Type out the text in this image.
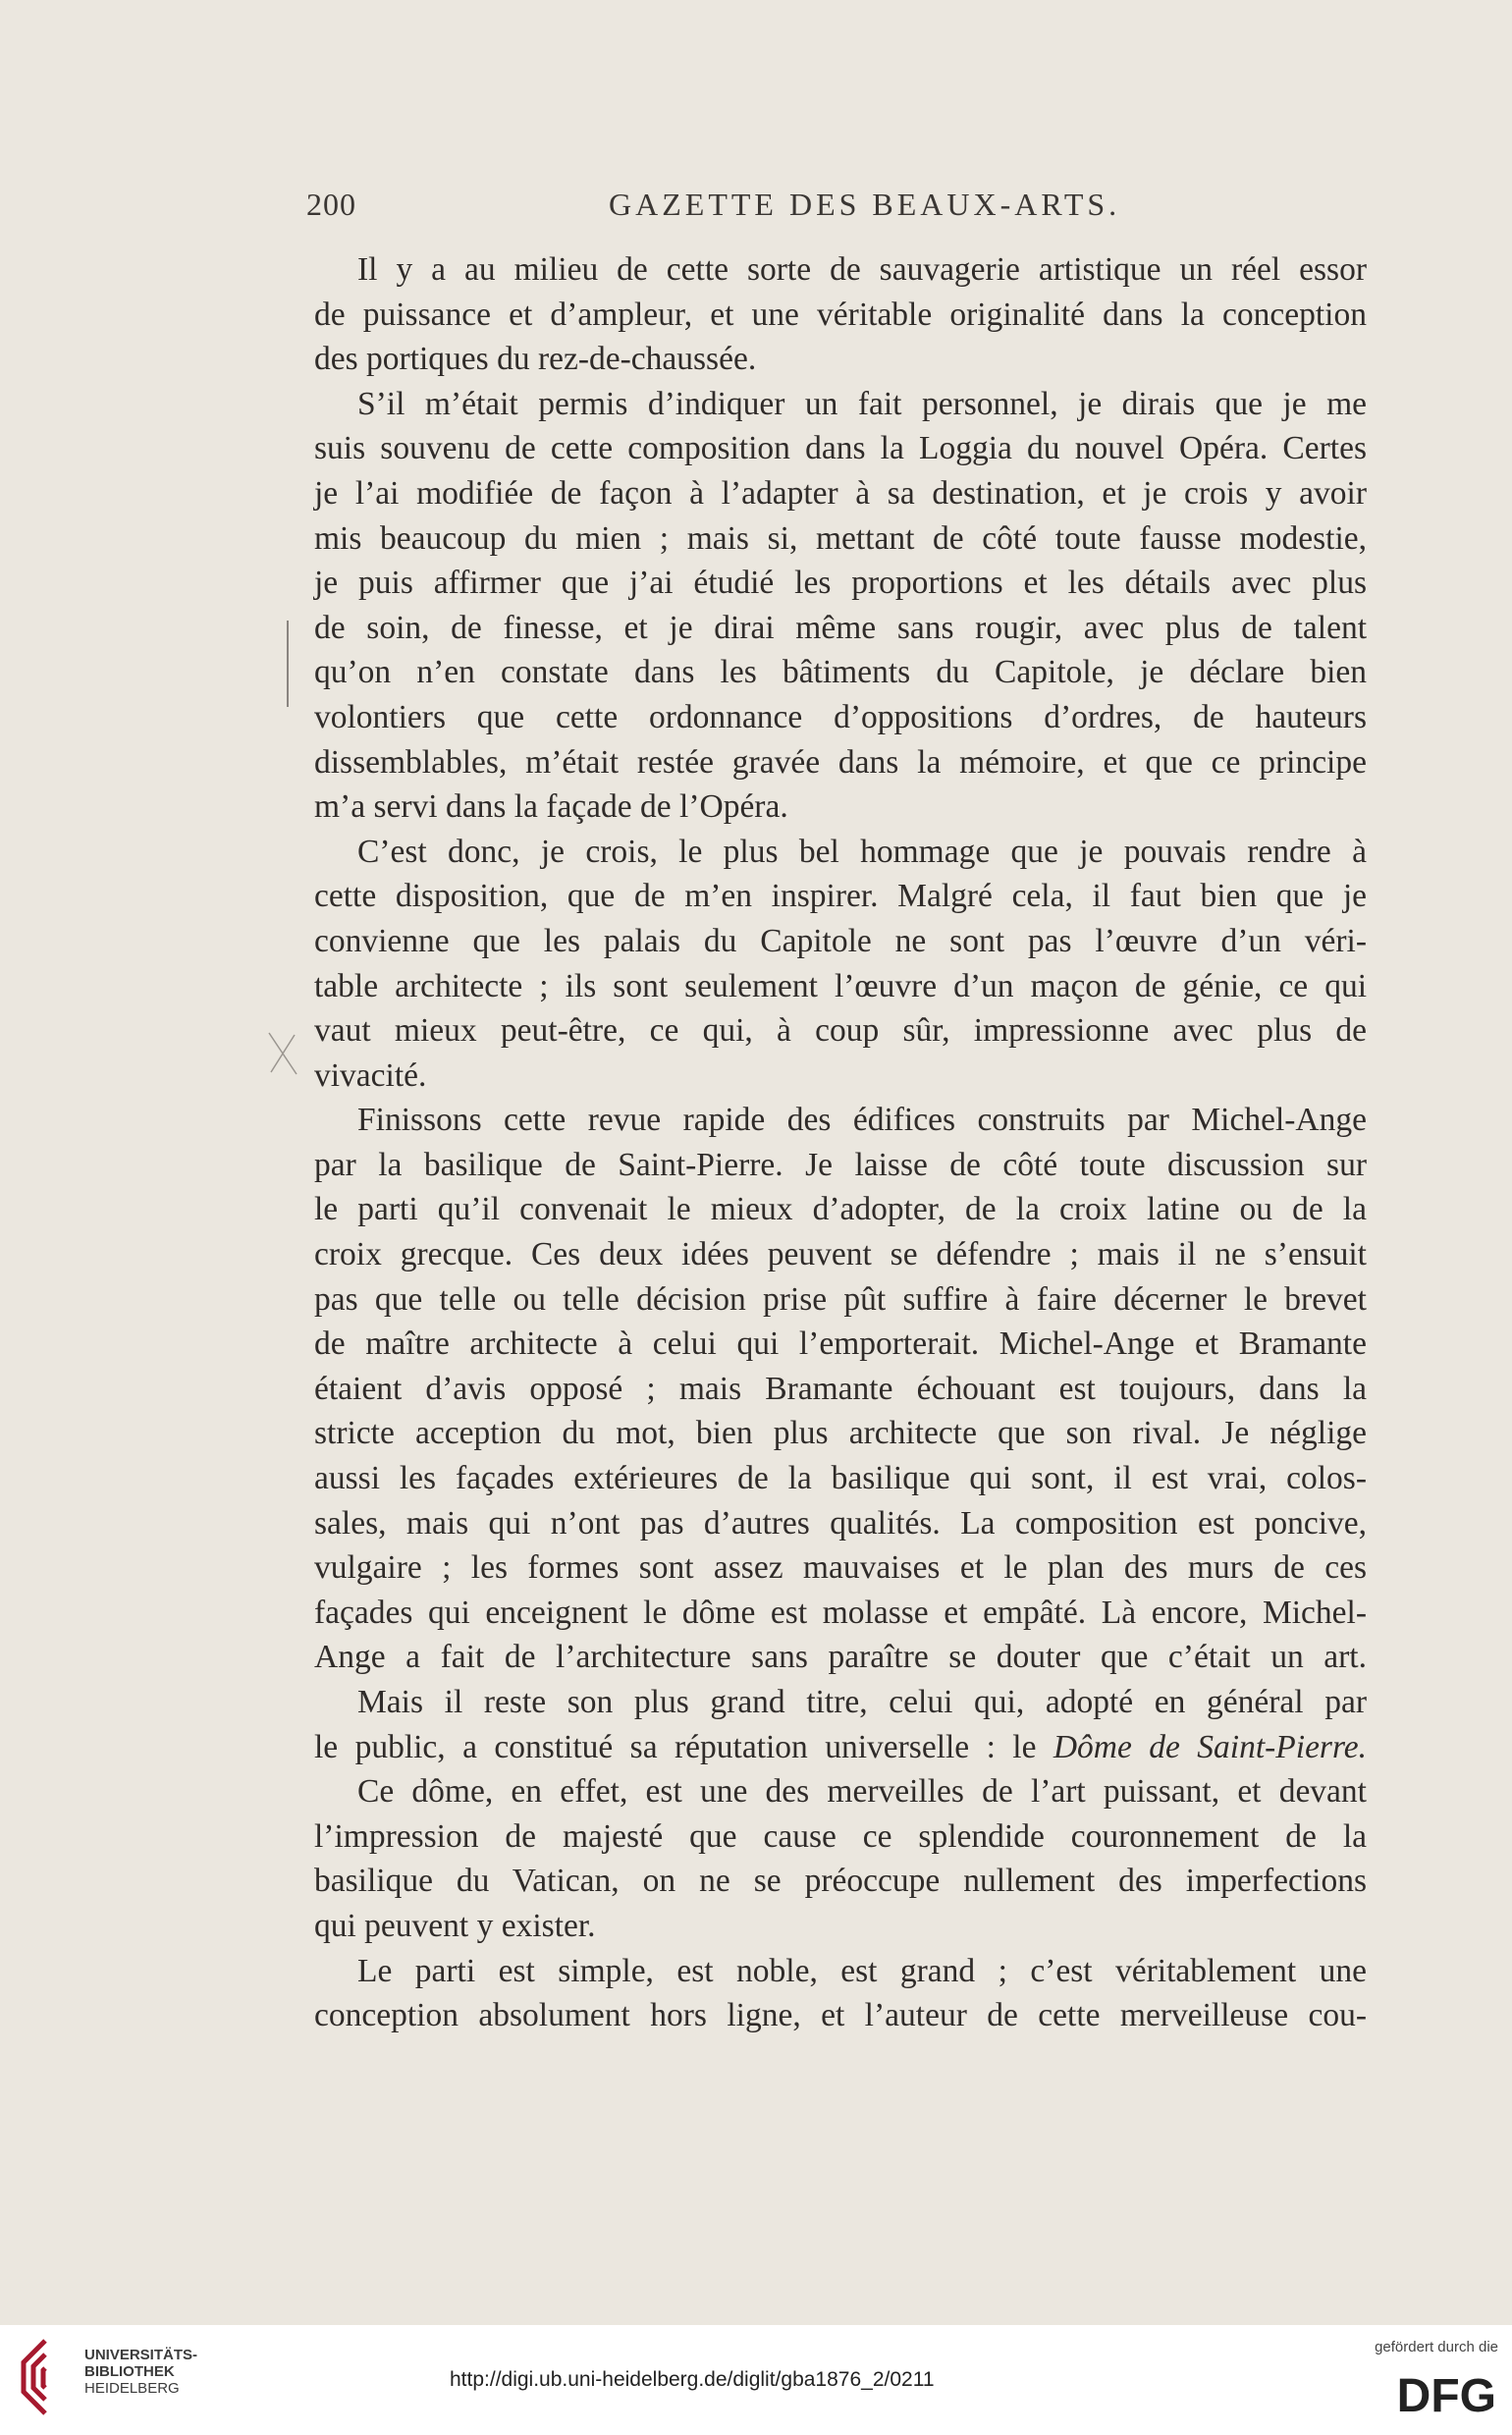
200	GAZETTE DES BEAUX-ARTS.

Il y a au milieu de cette sorte de sauvagerie artistique un réel essor
de puissance et d’ampleur, et une véritable originalité dans la conception
des portiques du rez-de-chaussée.

S’il m’était permis d’indiquer un fait personnel, je dirais que je me
suis souvenu de cette composition dans la Loggia du nouvel Opéra. Certes
je l’ai modifiée de façon à l’adapter à sa destination, et je crois y avoir
mis beaucoup du mien ; mais si, mettant de côté toute fausse modestie,
je puis affirmer que j’ai étudié les proportions et les détails avec plus
de soin, de finesse, et je dirai même sans rougir, avec plus de talent
qu’on n’en constate dans les bâtiments du Capitole, je déclare bien
volontiers que cette ordonnance d’oppositions d’ordres, de hauteurs
dissemblables, m’était restée gravée dans la mémoire, et que ce principe
m’a servi dans la façade de l’Opéra.

C’est donc, je crois, le plus bel hommage que je pouvais rendre à
cette disposition, que de m’en inspirer. Malgré cela, il faut bien que je
convienne que les palais du Capitole ne sont pas l’œuvre d’un véri-
table architecte ; ils sont seulement l’œuvre d’un maçon de génie, ce qui
vaut mieux peut-être, ce qui, à coup sûr, impressionne avec plus de
vivacité.

Finissons cette revue rapide des édifices construits par Michel-Ange
par la basilique de Saint-Pierre. Je laisse de côté toute discussion sur
le parti qu’il convenait le mieux d’adopter, de la croix latine ou de la
croix grecque. Ces deux idées peuvent se défendre ; mais il ne s’ensuit
pas que telle ou telle décision prise pût suffire à faire décerner le brevet
de maître architecte à celui qui l’emporterait. Michel-Ange et Bramante
étaient d’avis opposé ; mais Bramante échouant est toujours, dans la
stricte acception du mot, bien plus architecte que son rival. Je néglige
aussi les façades extérieures de la basilique qui sont, il est vrai, colos-
sales, mais qui n’ont pas d’autres qualités. La composition est poncive,
vulgaire ; les formes sont assez mauvaises et le plan des murs de ces
façades qui enceignent le dôme est molasse et empâté. Là encore, Michel-
Ange a fait de l’architecture sans paraître se douter que c’était un art.

Mais il reste son plus grand titre, celui qui, adopté en général par
le public, a constitué sa réputation universelle : le Dôme de Saint-Pierre.

Ce dôme, en effet, est une des merveilles de l’art puissant, et devant
l’impression de majesté que cause ce splendide couronnement de la
basilique du Vatican, on ne se préoccupe nullement des imperfections
qui peuvent y exister.

Le parti est simple, est noble, est grand ; c’est véritablement une
conception absolument hors ligne, et l’auteur de cette merveilleuse cou-

UNIVERSITÄTS-
BIBLIOTHEK
HEIDELBERG	http://digi.ub.uni-heidelberg.de/diglit/gba1876_2/0211
gefördert durch die
DFG
